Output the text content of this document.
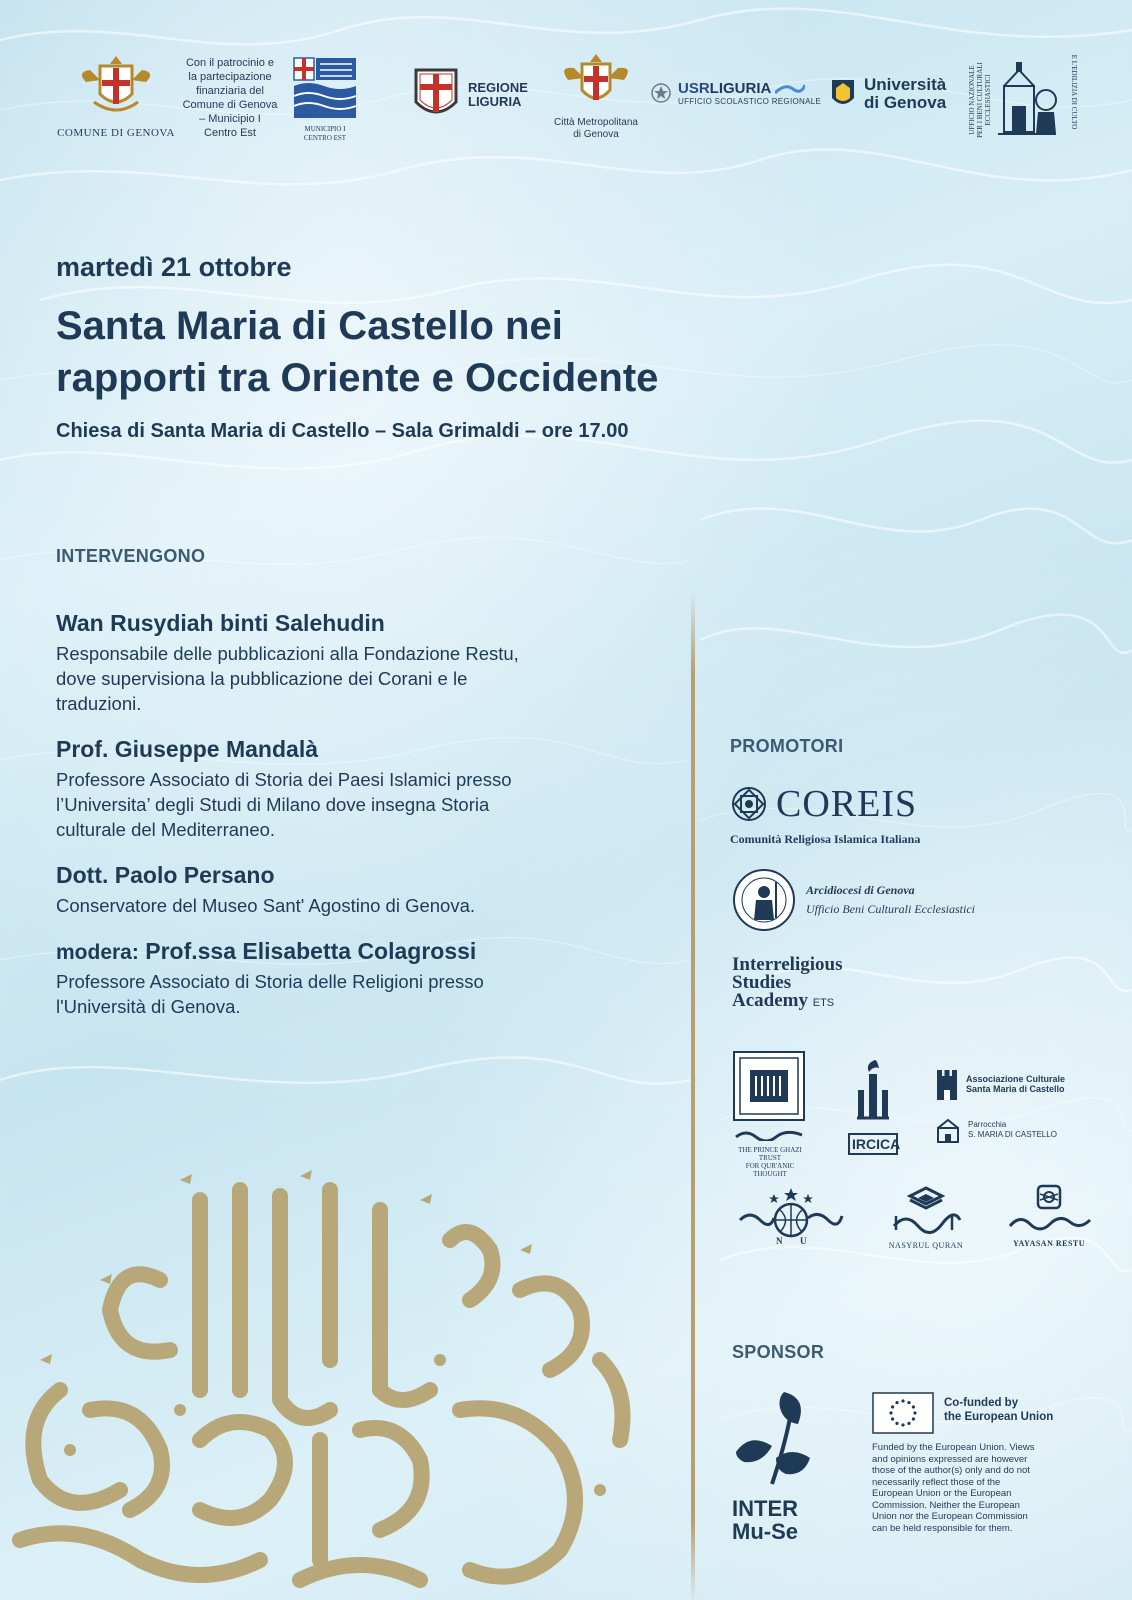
COMUNE DI GENOVA
Con il patrocinio e
la partecipazione
finanziaria del
Comune di Genova
– Municipio I
Centro Est	MUNICIPIO I
CENTRO EST
REGIONE
LIGURIA
Città Metropolitana
di Genova
USRLIGURIA
UFFICIO SCOLASTICO REGIONALE
Università
di Genova	UFFICIO NAZIONALE PER I BENI CULTURALI ECCLESIASTICI	E L'EDILIZIA DI CULTO
martedì 21 ottobre
Santa Maria di Castello nei
rapporti tra Oriente e Occidente
Chiesa di Santa Maria di Castello – Sala Grimaldi – ore 17.00
INTERVENGONO
Wan Rusydiah binti Salehudin
Responsabile delle pubblicazioni alla Fondazione Restu,
dove supervisiona la pubblicazione dei Corani e le
traduzioni.
Prof. Giuseppe Mandalà
Professore Associato di Storia dei Paesi Islamici presso
l’Universita’ degli Studi di Milano dove insegna Storia
culturale del Mediterraneo.
Dott. Paolo Persano
Conservatore del Museo Sant' Agostino di Genova.
modera: Prof.ssa Elisabetta Colagrossi
Professore Associato di Storia delle Religioni presso
l'Università di Genova.
PROMOTORI
COREIS
Comunità Religiosa Islamica Italiana
Arcidiocesi di Genova
Ufficio Beni Culturali Ecclesiastici
Interreligious
Studies
Academy ETS

THE PRINCE GHAZI TRUST
FOR QUR'ANIC THOUGHT
IRCICA
Associazione Culturale
Santa Maria di Castello
Parrocchia
S. MARIA DI CASTELLO
N U	NASYRUL QURAN	YAYASAN RESTU
SPONSOR
INTER
Mu-Se
Co-funded by
the European Union
Funded by the European Union. Views
and opinions expressed are however
those of the author(s) only and do not
necessarily reflect those of the
European Union or the European
Commission. Neither the European
Union nor the European Commission
can be held responsible for them.
